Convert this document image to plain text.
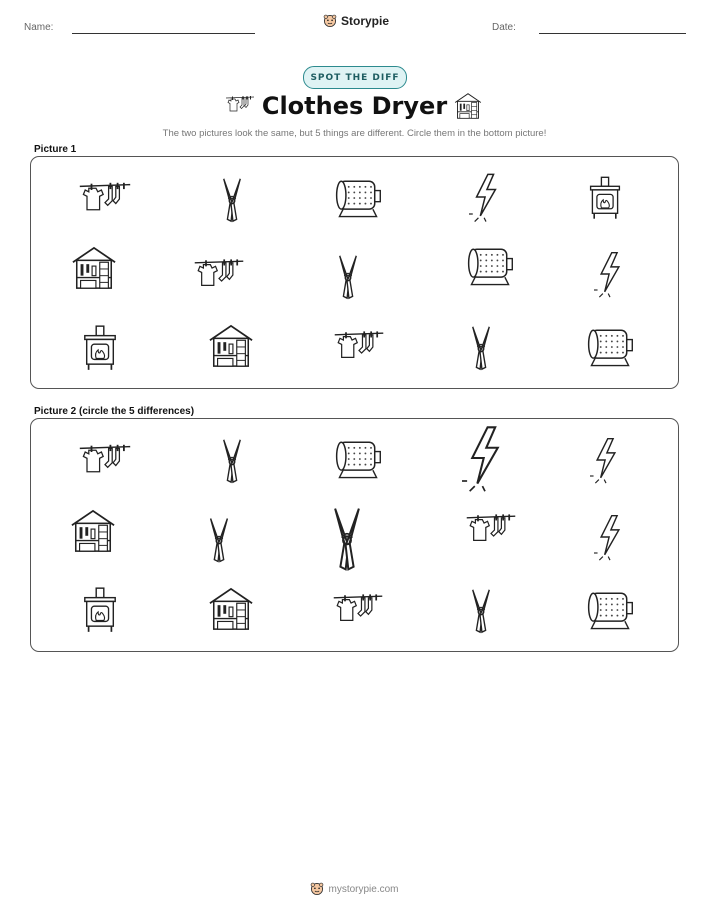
Name:	Storypie	Date:
SPOT THE DIFF
Clothes Dryer
The two pictures look the same, but 5 things are different. Circle them in the bottom picture!
Picture 1
Picture 2 (circle the 5 differences)
mystorypie.com
